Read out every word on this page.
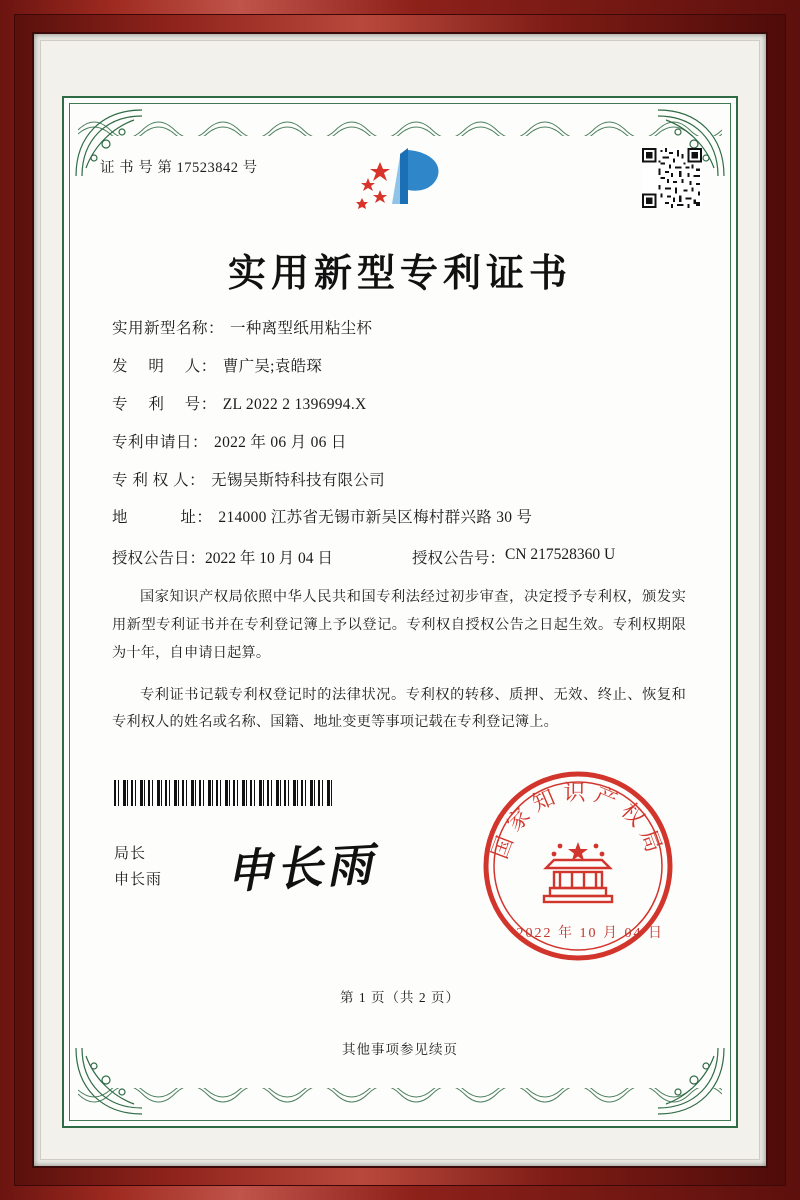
证 书 号 第 17523842 号
实用新型专利证书
实用新型名称： 一种离型纸用粘尘杯
发　 明　 人： 曹广吴;袁皓琛
专　 利　 号： ZL 2022 2 1396994.X
专利申请日： 2022 年 06 月 06 日
专 利 权 人： 无锡吴斯特科技有限公司
地　　　 址： 214000 江苏省无锡市新吴区梅村群兴路 30 号
授权公告日： 2022 年 10 月 04 日	授权公告号： CN 217528360 U

国家知识产权局依照中华人民共和国专利法经过初步审查，决定授予专利权，颁发实用新型专利证书并在专利登记簿上予以登记。专利权自授权公告之日起生效。专利权期限为十年，自申请日起算。

专利证书记载专利权登记时的法律状况。专利权的转移、质押、无效、终止、恢复和专利权人的姓名或名称、国籍、地址变更等事项记载在专利登记簿上。

局长
申长雨 申长雨	国家知识产权局
2022 年 10 月 04 日
第 1 页（共 2 页）
其他事项参见续页
